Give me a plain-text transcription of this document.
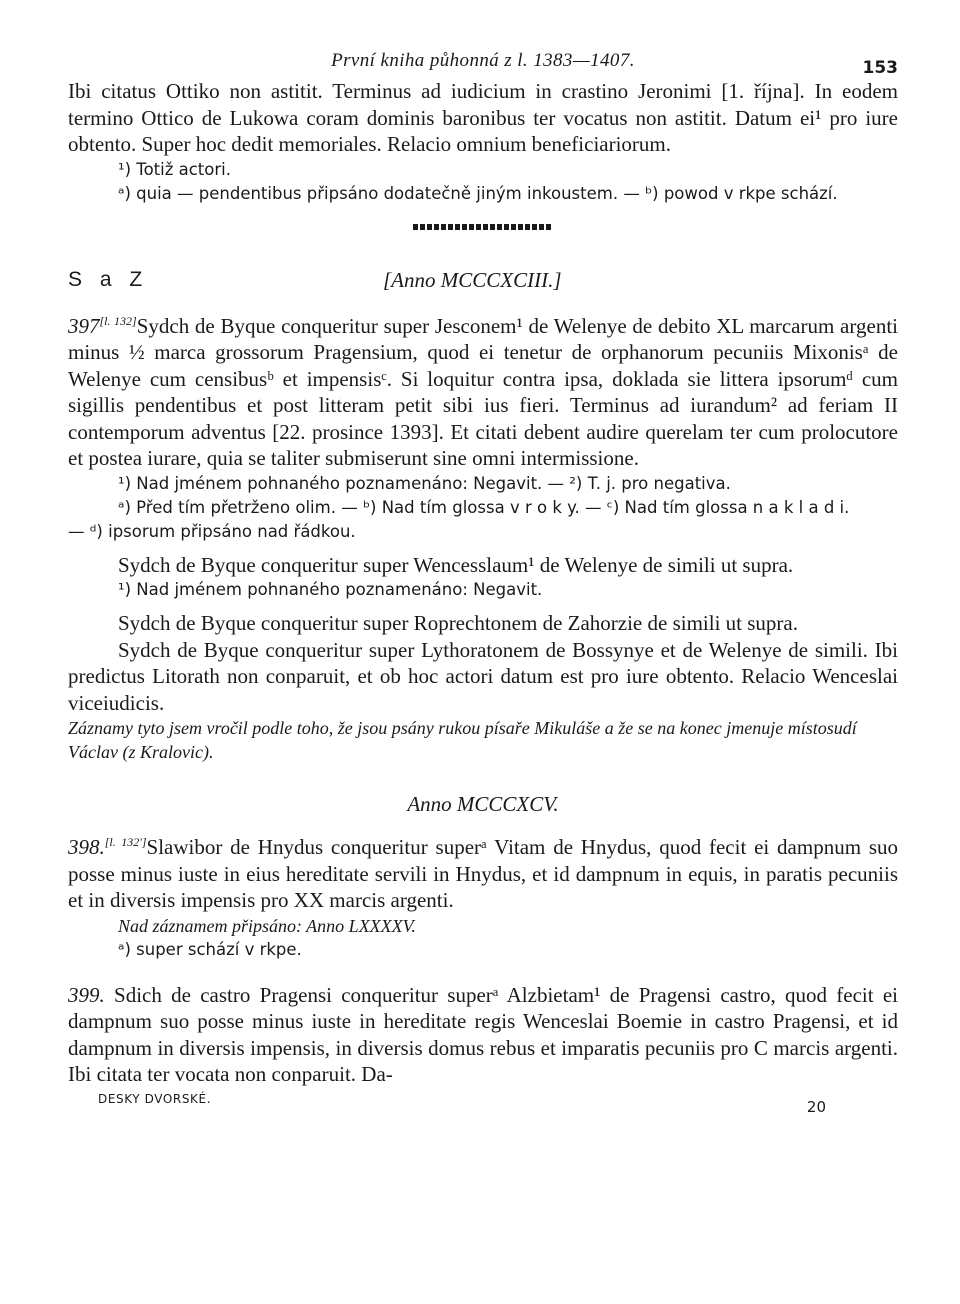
První kniha půhonná z l. 1383—1407.	153

Ibi citatus Ottiko non astitit. Terminus ad iudicium in crastino Jeronimi [1. října]. In eodem termino Ottico de Lukowa coram dominis baronibus ter vocatus non astitit. Datum ei¹ pro iure obtento. Super hoc dedit memoriales. Relacio omnium beneficiariorum.

¹) Totiž actori.

ᵃ) quia — pendentibus připsáno dodatečně jiným inkoustem. — ᵇ) powod v rkpe schází.

S a Z	[Anno MCCCXCIII.]

397[l. 132]Sydch de Byque conqueritur super Jesconem¹ de Welenye de debito XL marcarum argenti minus ½ marca grossorum Pragensium, quod ei tenetur de orphanorum pecuniis Mixonisᵃ de Welenye cum censibusᵇ et impensisᶜ. Si loquitur contra ipsa, doklada sie littera ipsorumᵈ cum sigillis pendentibus et post litteram petit sibi ius fieri. Terminus ad iurandum² ad feriam II contemporum adventus [22. prosince 1393]. Et citati debent audire querelam ter cum prolocutore et postea iurare, quia se taliter submiserunt sine omni intermissione.

¹) Nad jménem pohnaného poznamenáno: Negavit. — ²) T. j. pro negativa.

ᵃ) Před tím přetrženo olim. — ᵇ) Nad tím glossa v r o k y. — ᶜ) Nad tím glossa n a k l a d i.

— ᵈ) ipsorum připsáno nad řádkou.

Sydch de Byque conqueritur super Wencesslaum¹ de Welenye de simili ut supra.

¹) Nad jménem pohnaného poznamenáno: Negavit.

Sydch de Byque conqueritur super Roprechtonem de Zahorzie de simili ut supra.

Sydch de Byque conqueritur super Lythoratonem de Bossynye et de Welenye de simili. Ibi predictus Litorath non conparuit, et ob hoc actori datum est pro iure obtento. Relacio Wenceslai viceiudicis.

Záznamy tyto jsem vročil podle toho, že jsou psány rukou písaře Mikuláše a že se na konec jmenuje místosudí Václav (z Kralovic).

Anno MCCCXCV.

398.[l. 132']Slawibor de Hnydus conqueritur superᵃ Vitam de Hnydus, quod fecit ei dampnum suo posse minus iuste in eius hereditate servili in Hnydus, et id dampnum in equis, in paratis pecuniis et in diversis impensis pro XX marcis argenti.

Nad záznamem připsáno: Anno LXXXXV.

ᵃ) super schází v rkpe.

399. Sdich de castro Pragensi conqueritur superᵃ Alzbietam¹ de Pragensi castro, quod fecit ei dampnum suo posse minus iuste in hereditate regis Wenceslai Boemie in castro Pragensi, et id dampnum in diversis impensis, in diversis domus rebus et imparatis pecuniis pro C marcis argenti. Ibi citata ter vocata non conparuit. Da-

DESKY DVORSKÉ.	20
